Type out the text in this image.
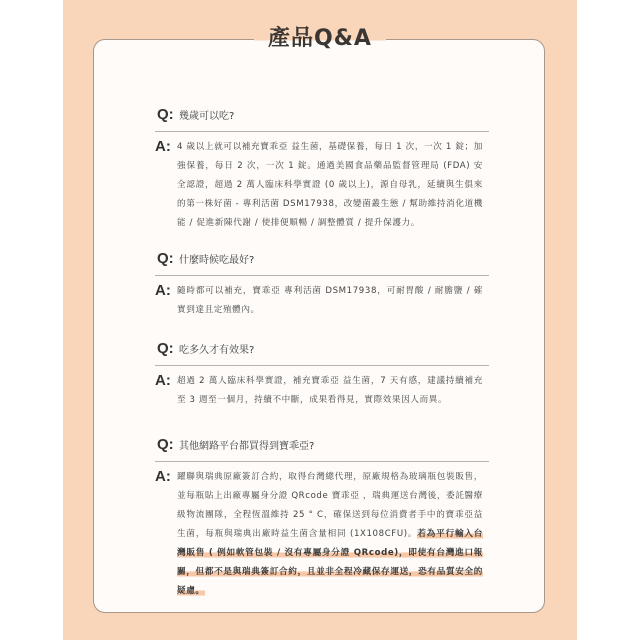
產品Q&A
Q: 幾歲可以吃?
A: 4 歲以上就可以補充寶乖亞 益生菌，基礎保養，每日 1 次，一次 1 錠；加強保養，每日 2 次，一次 1 錠。通過美國食品藥品監督管理局 (FDA) 安全認證，超過 2 萬人臨床科學實證 (0 歲以上)，源自母乳，延續與生俱來的第一株好菌 - 專利活菌 DSM17938，改變菌叢生態 / 幫助維持消化道機能 / 促進新陳代謝 / 使排便順暢 / 調整體質 / 提升保護力。
Q: 什麼時候吃最好?
A: 隨時都可以補充，寶乖亞 專利活菌 DSM17938，可耐胃酸 / 耐膽鹽 / 確實到達且定殖體內。
Q: 吃多久才有效果?
A: 超過 2 萬人臨床科學實證，補充寶乖亞 益生菌，7 天有感，建議持續補充至 3 週至一個月，持續不中斷，成果看得見，實際效果因人而異。
Q: 其他網路平台都買得到寶乖亞?
A: 躍聯與瑞典原廠簽訂合約，取得台灣總代理，原廠規格為玻璃瓶包裝販售，並每瓶貼上出廠專屬身分證 QRcode 寶乖亞 ，瑞典運送台灣後，委託醫療級物流團隊，全程恆溫維持 25 ° C，確保送到每位消費者手中的寶乖亞益生菌，每瓶與瑞典出廠時益生菌含量相同 (1X108CFU)。若為平行輸入台灣販售 ( 例如軟管包裝 / 沒有專屬身分證 QRcode)，即使有台灣進口報關，但都不是與瑞典簽訂合約，且並非全程冷藏保存運送，恐有品質安全的疑慮。
